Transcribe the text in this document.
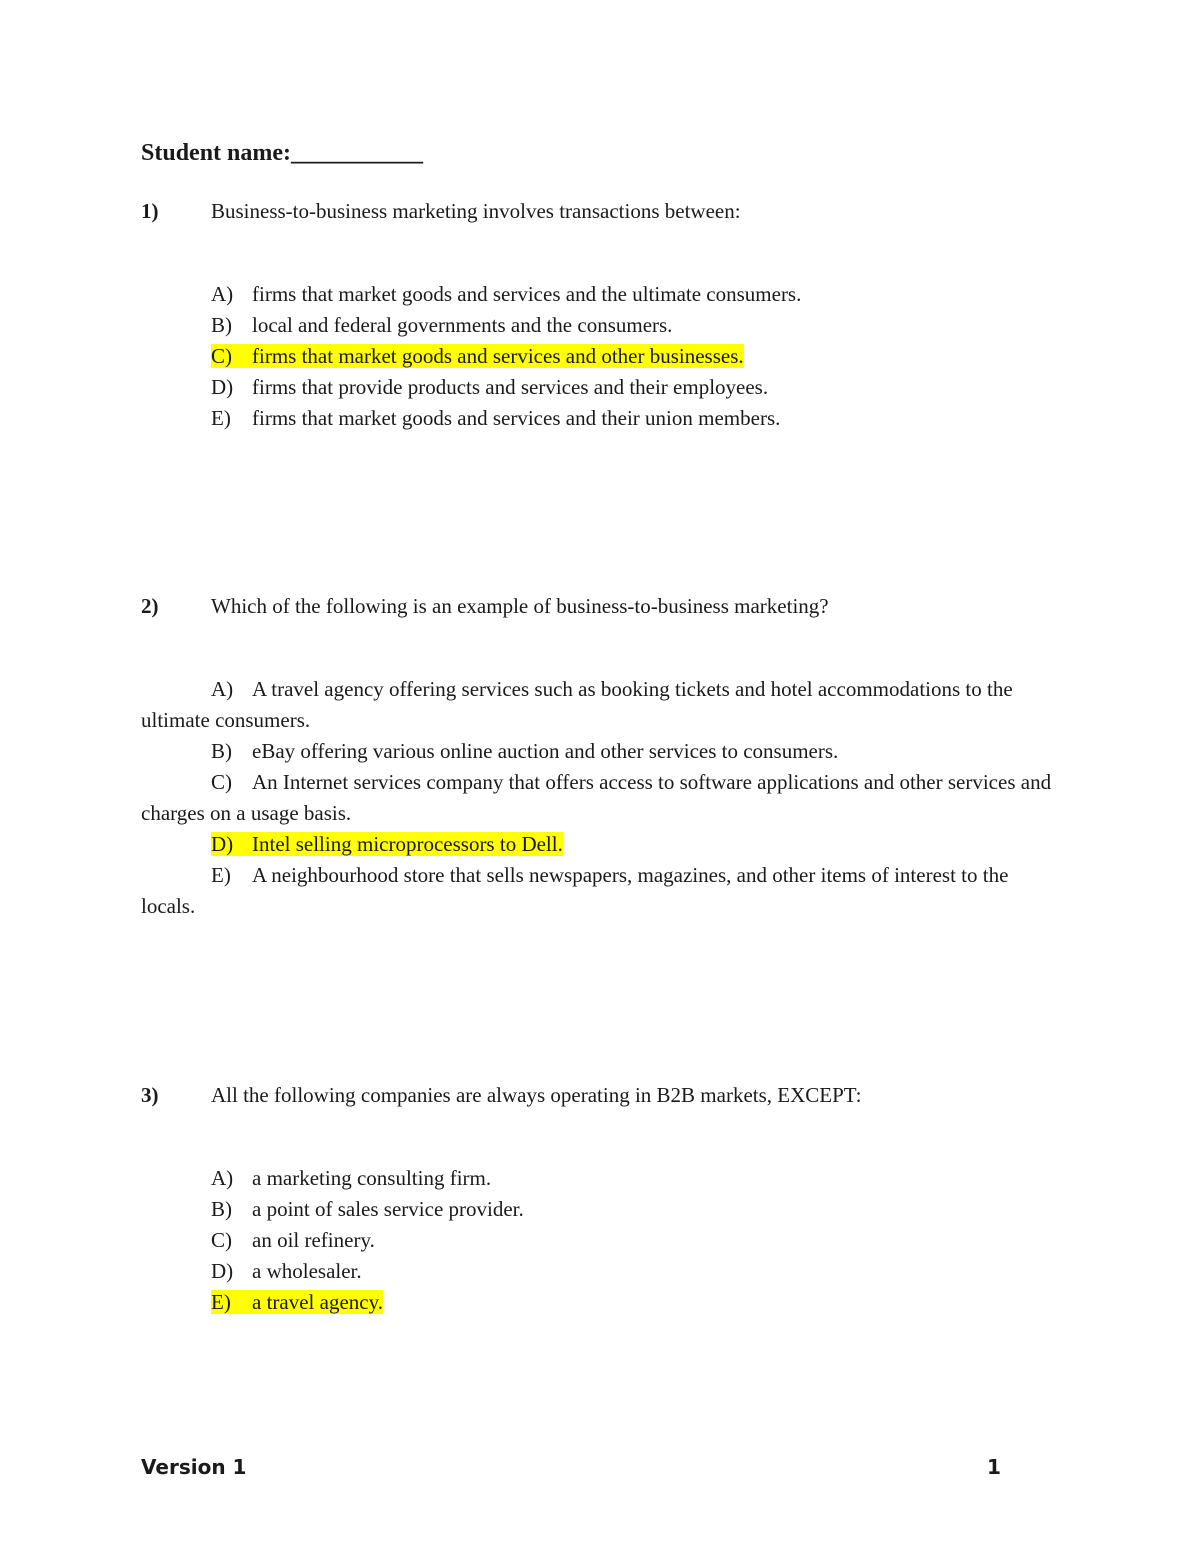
Student name:___________
1)	Business-to-business marketing involves transactions between:
A) firms that market goods and services and the ultimate consumers.
B) local and federal governments and the consumers.
C) firms that market goods and services and other businesses.
D) firms that provide products and services and their employees.
E) firms that market goods and services and their union members.
2)	Which of the following is an example of business-to-business marketing?
A) A travel agency offering services such as booking tickets and hotel accommodations to the ultimate consumers.
B) eBay offering various online auction and other services to consumers.
C) An Internet services company that offers access to software applications and other services and charges on a usage basis.
D) Intel selling microprocessors to Dell.
E) A neighbourhood store that sells newspapers, magazines, and other items of interest to the locals.
3)	All the following companies are always operating in B2B markets, EXCEPT:
A) a marketing consulting firm.
B) a point of sales service provider.
C) an oil refinery.
D) a wholesaler.
E) a travel agency.
Version 1	1
